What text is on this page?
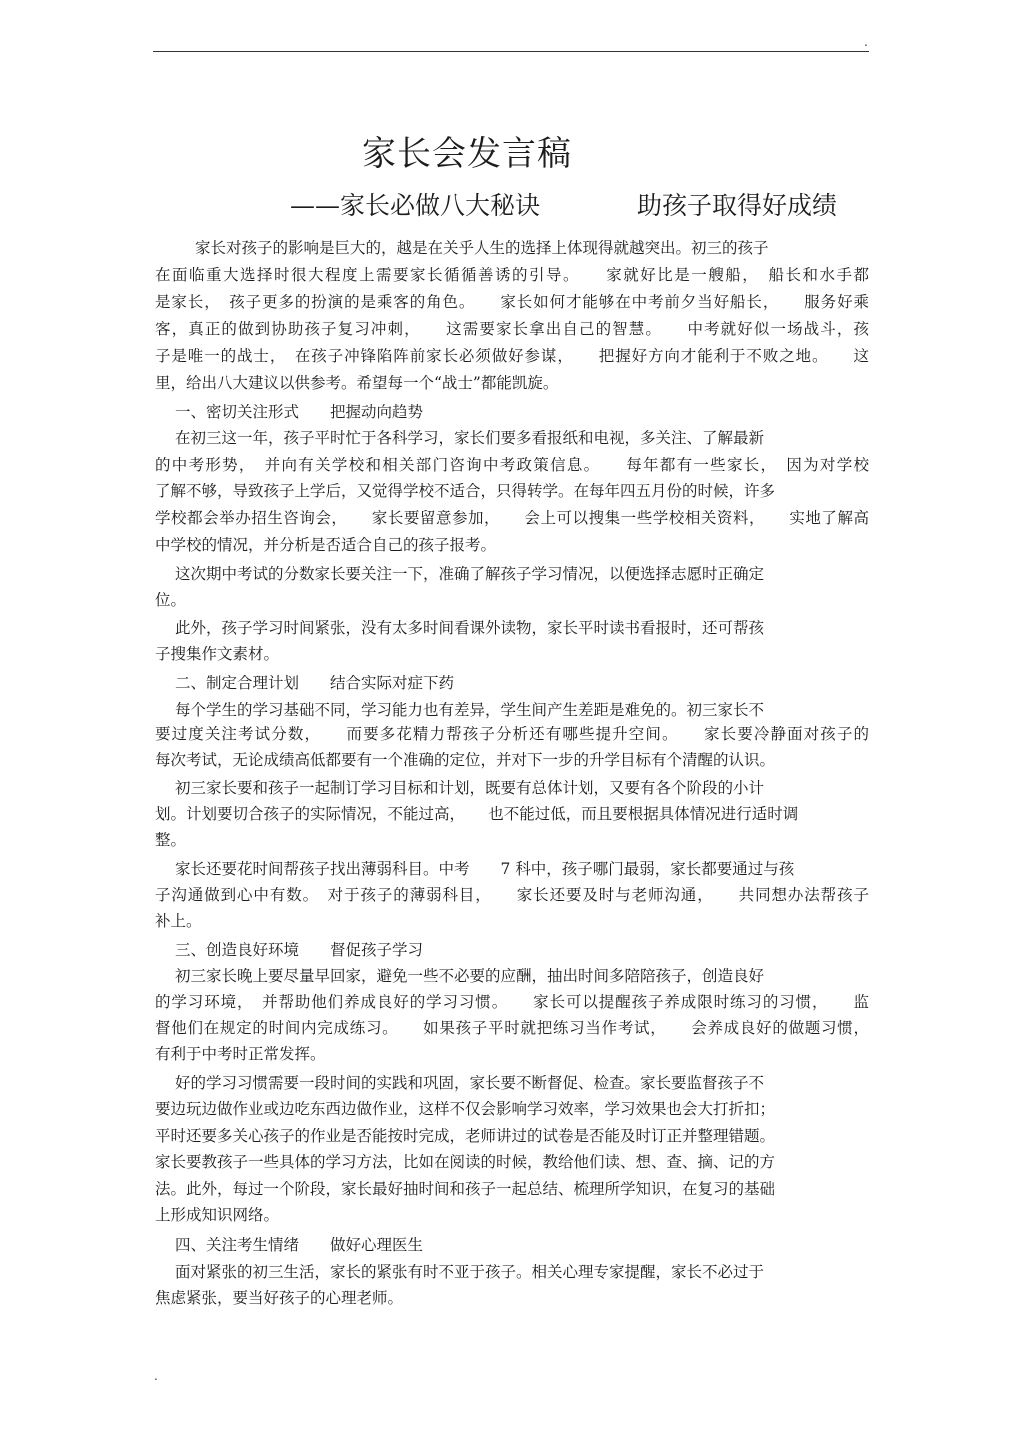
.
家长会发言稿
——家长必做八大秘诀	助孩子取得好成绩
家长对孩子的影响是巨大的，越是在关乎人生的选择上体现得就越突出。初三的孩子
在面临重大选择时很大程度上需要家长循循善诱的引导。　　家就好比是一艘船，　船长和水手都
是家长，　孩子更多的扮演的是乘客的角色。　　家长如何才能够在中考前夕当好船长，　　服务好乘
客，真正的做到协助孩子复习冲刺，　　这需要家长拿出自己的智慧。　　中考就好似一场战斗，孩
子是唯一的战士，　在孩子冲锋陷阵前家长必须做好参谋，　　把握好方向才能利于不败之地。　　这
里，给出八大建议以供参考。希望每一个“战士”都能凯旋。
一、密切关注形式　　把握动向趋势
在初三这一年，孩子平时忙于各科学习，家长们要多看报纸和电视，多关注、了解最新
的中考形势，　并向有关学校和相关部门咨询中考政策信息。　　每年都有一些家长，　因为对学校
了解不够，导致孩子上学后，又觉得学校不适合，只得转学。在每年四五月份的时候，许多
学校都会举办招生咨询会，　　家长要留意参加，　　会上可以搜集一些学校相关资料，　　实地了解高
中学校的情况，并分析是否适合自己的孩子报考。
这次期中考试的分数家长要关注一下，准确了解孩子学习情况，以便选择志愿时正确定
位。
此外，孩子学习时间紧张，没有太多时间看课外读物，家长平时读书看报时，还可帮孩
子搜集作文素材。
二、制定合理计划　　结合实际对症下药
每个学生的学习基础不同，学习能力也有差异，学生间产生差距是难免的。初三家长不
要过度关注考试分数，　　而要多花精力帮孩子分析还有哪些提升空间。　　家长要冷静面对孩子的
每次考试，无论成绩高低都要有一个准确的定位，并对下一步的升学目标有个清醒的认识。
初三家长要和孩子一起制订学习目标和计划，既要有总体计划，又要有各个阶段的小计
划。计划要切合孩子的实际情况，不能过高，　　也不能过低，而且要根据具体情况进行适时调
整。
家长还要花时间帮孩子找出薄弱科目。中考　　7 科中，孩子哪门最弱，家长都要通过与孩
子沟通做到心中有数。　对于孩子的薄弱科目，　　家长还要及时与老师沟通，　　共同想办法帮孩子
补上。
三、创造良好环境　　督促孩子学习
初三家长晚上要尽量早回家，避免一些不必要的应酬，抽出时间多陪陪孩子，创造良好
的学习环境，　并帮助他们养成良好的学习习惯。　　家长可以提醒孩子养成限时练习的习惯，　　监
督他们在规定的时间内完成练习。　　如果孩子平时就把练习当作考试，　　会养成良好的做题习惯，
有利于中考时正常发挥。
好的学习习惯需要一段时间的实践和巩固，家长要不断督促、检查。家长要监督孩子不
要边玩边做作业或边吃东西边做作业，这样不仅会影响学习效率，学习效果也会大打折扣；
平时还要多关心孩子的作业是否能按时完成，老师讲过的试卷是否能及时订正并整理错题。
家长要教孩子一些具体的学习方法，比如在阅读的时候，教给他们读、想、查、摘、记的方
法。此外，每过一个阶段，家长最好抽时间和孩子一起总结、梳理所学知识，在复习的基础
上形成知识网络。
四、关注考生情绪　　做好心理医生
面对紧张的初三生活，家长的紧张有时不亚于孩子。相关心理专家提醒，家长不必过于
焦虑紧张，要当好孩子的心理老师。
.
